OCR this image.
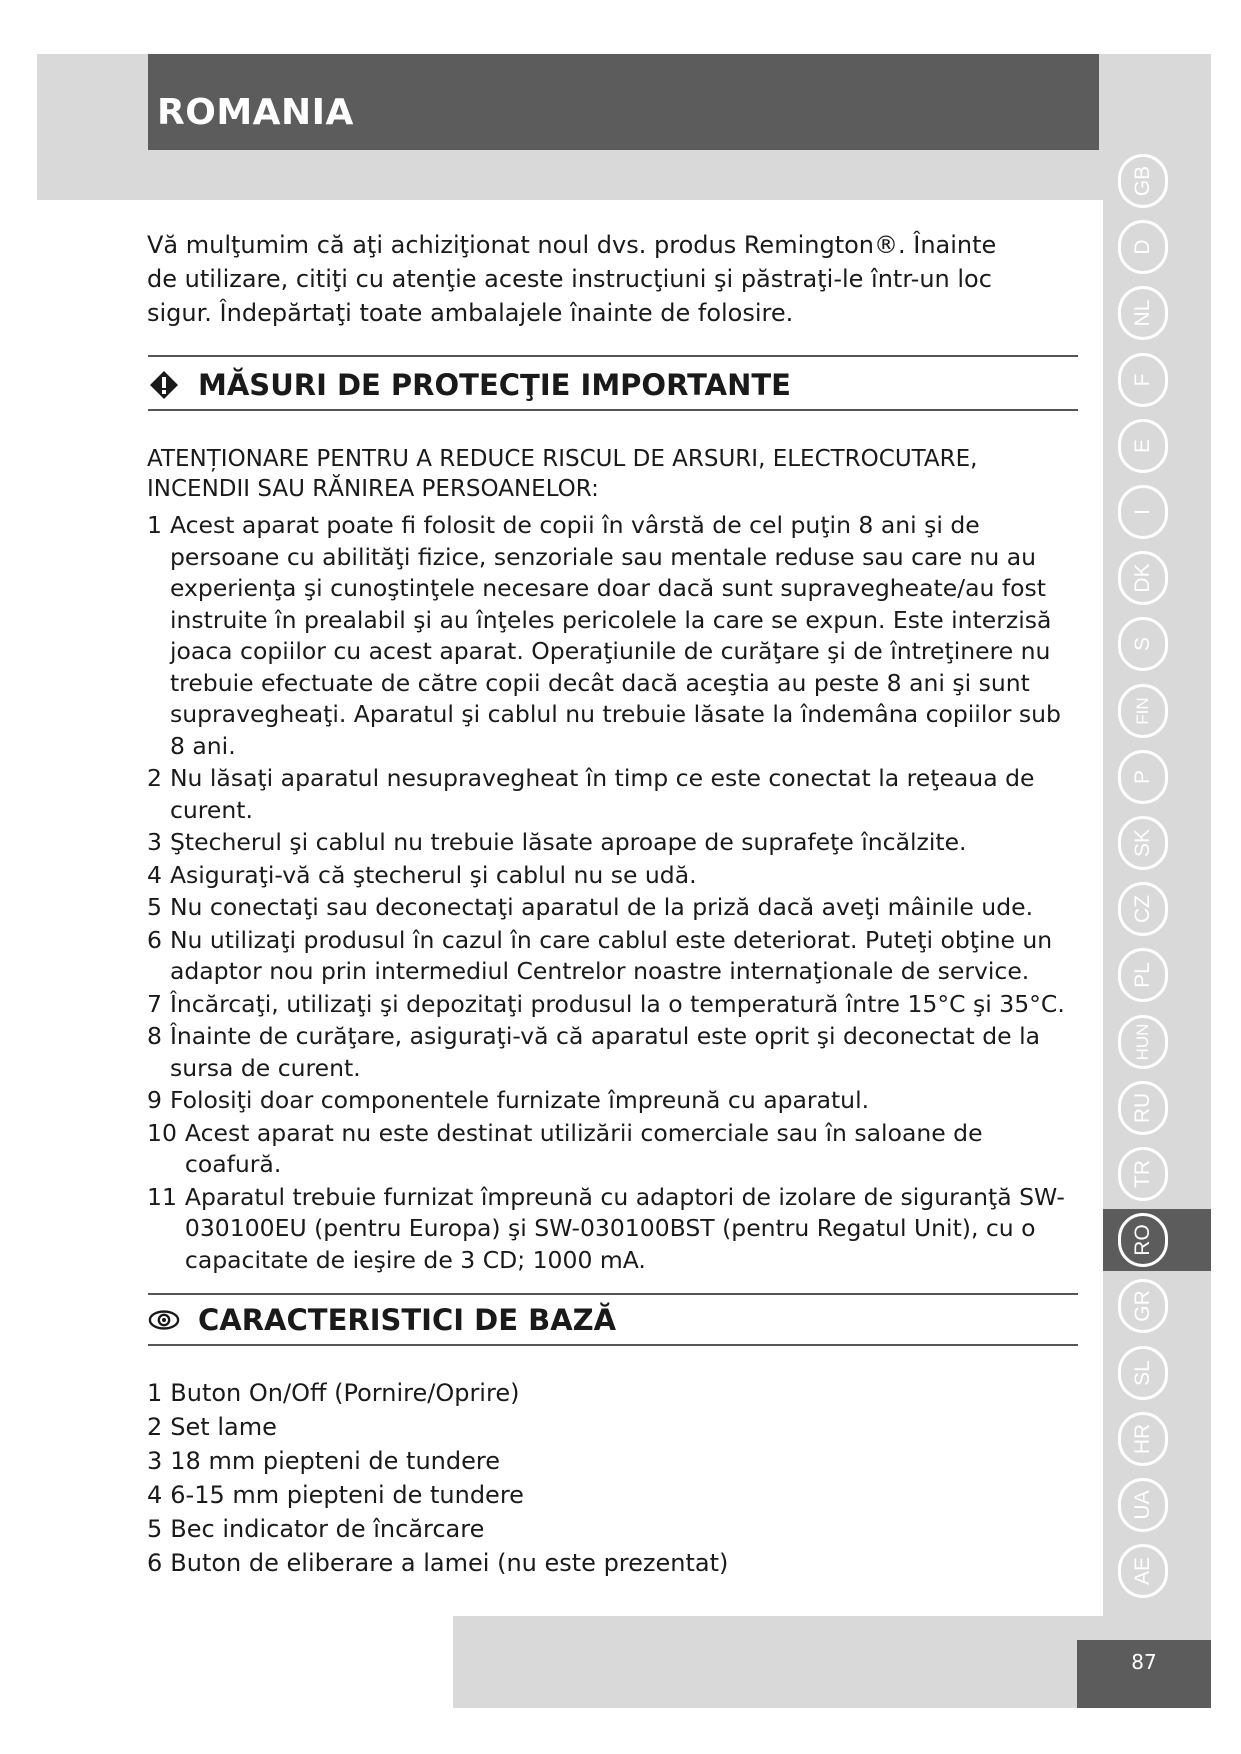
ROMANIA
GB
D
NL
F
E
I
DK
S
FIN
P
SK
CZ
PL
HUN
RU
TR
RO
GR
SL
HR
UA
AE
Vă mulţumim că aţi achiziţionat noul dvs. produs Remington®. Înainte de utilizare, citiţi cu atenţie aceste instrucţiuni şi păstraţi-le într-un loc sigur. Îndepărtaţi toate ambalajele înainte de folosire.
MĂSURI DE PROTECŢIE IMPORTANTE
ATENȚIONARE PENTRU A REDUCE RISCUL DE ARSURI, ELECTROCUTARE, INCENDII SAU RĂNIREA PERSOANELOR:
1 Acest aparat poate fi folosit de copii în vârstă de cel puţin 8 ani şi de persoane cu abilităţi fizice, senzoriale sau mentale reduse sau care nu au experienţa şi cunoştinţele necesare doar dacă sunt supravegheate/au fost instruite în prealabil şi au înţeles pericolele la care se expun. Este interzisă joaca copiilor cu acest aparat. Operaţiunile de curăţare şi de întreţinere nu trebuie efectuate de către copii decât dacă aceştia au peste 8 ani şi sunt supravegheaţi. Aparatul şi cablul nu trebuie lăsate la îndemâna copiilor sub 8 ani.
2 Nu lăsaţi aparatul nesupravegheat în timp ce este conectat la reţeaua de curent.
3 Ştecherul şi cablul nu trebuie lăsate aproape de suprafeţe încălzite.
4 Asiguraţi-vă că ştecherul şi cablul nu se udă.
5 Nu conectaţi sau deconectaţi aparatul de la priză dacă aveţi mâinile ude.
6 Nu utilizaţi produsul în cazul în care cablul este deteriorat. Puteţi obţine un adaptor nou prin intermediul Centrelor noastre internaţionale de service.
7 Încărcaţi, utilizaţi şi depozitaţi produsul la o temperatură între 15°C şi 35°C.
8 Înainte de curăţare, asiguraţi-vă că aparatul este oprit şi deconectat de la sursa de curent.
9 Folosiţi doar componentele furnizate împreună cu aparatul.
10 Acest aparat nu este destinat utilizării comerciale sau în saloane de coafură.
11 Aparatul trebuie furnizat împreună cu adaptori de izolare de siguranţă SW-030100EU (pentru Europa) şi SW-030100BST (pentru Regatul Unit), cu o capacitate de ieşire de 3 CD; 1000 mA.
CARACTERISTICI DE BAZĂ
1 Buton On/Off (Pornire/Oprire)
2 Set lame
3 18 mm piepteni de tundere
4 6-15 mm piepteni de tundere
5 Bec indicator de încărcare
6 Buton de eliberare a lamei (nu este prezentat)
87
